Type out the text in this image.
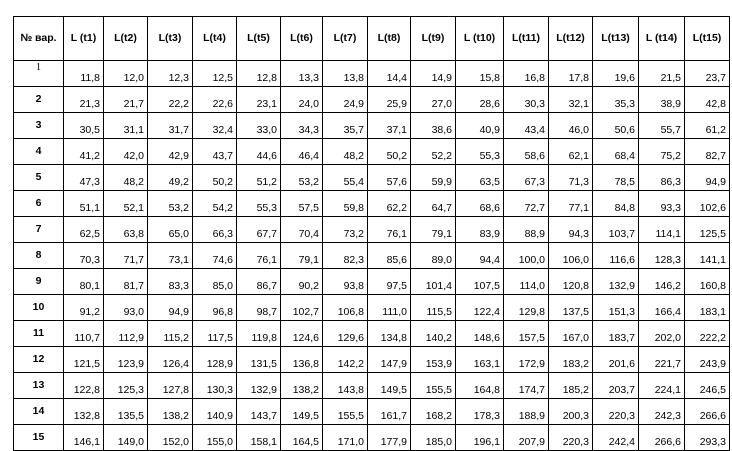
№ вар.	L (t1)	L(t2)	L(t3)	L(t4)	L(t5)	L(t6)	L(t7)	L(t8)	L(t9)	L (t10)	L(t11)	L(t12)	L(t13)	L (t14)	L(t15)
1	11,8	12,0	12,3	12,5	12,8	13,3	13,8	14,4	14,9	15,8	16,8	17,8	19,6	21,5	23,7
2	21,3	21,7	22,2	22,6	23,1	24,0	24,9	25,9	27,0	28,6	30,3	32,1	35,3	38,9	42,8
3	30,5	31,1	31,7	32,4	33,0	34,3	35,7	37,1	38,6	40,9	43,4	46,0	50,6	55,7	61,2
4	41,2	42,0	42,9	43,7	44,6	46,4	48,2	50,2	52,2	55,3	58,6	62,1	68,4	75,2	82,7
5	47,3	48,2	49,2	50,2	51,2	53,2	55,4	57,6	59,9	63,5	67,3	71,3	78,5	86,3	94,9
6	51,1	52,1	53,2	54,2	55,3	57,5	59,8	62,2	64,7	68,6	72,7	77,1	84,8	93,3	102,6
7	62,5	63,8	65,0	66,3	67,7	70,4	73,2	76,1	79,1	83,9	88,9	94,3	103,7	114,1	125,5
8	70,3	71,7	73,1	74,6	76,1	79,1	82,3	85,6	89,0	94,4	100,0	106,0	116,6	128,3	141,1
9	80,1	81,7	83,3	85,0	86,7	90,2	93,8	97,5	101,4	107,5	114,0	120,8	132,9	146,2	160,8
10	91,2	93,0	94,9	96,8	98,7	102,7	106,8	111,0	115,5	122,4	129,8	137,5	151,3	166,4	183,1
11	110,7	112,9	115,2	117,5	119,8	124,6	129,6	134,8	140,2	148,6	157,5	167,0	183,7	202,0	222,2
12	121,5	123,9	126,4	128,9	131,5	136,8	142,2	147,9	153,9	163,1	172,9	183,2	201,6	221,7	243,9
13	122,8	125,3	127,8	130,3	132,9	138,2	143,8	149,5	155,5	164,8	174,7	185,2	203,7	224,1	246,5
14	132,8	135,5	138,2	140,9	143,7	149,5	155,5	161,7	168,2	178,3	188,9	200,3	220,3	242,3	266,6
15	146,1	149,0	152,0	155,0	158,1	164,5	171,0	177,9	185,0	196,1	207,9	220,3	242,4	266,6	293,3
